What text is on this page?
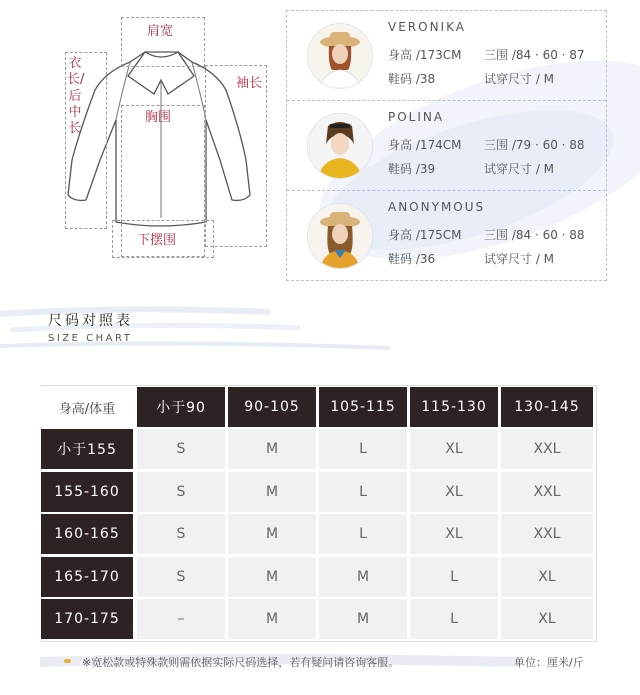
肩宽
衣长/后中长
袖长
胸围
下摆围
VERONIKA
身高 /173CM 三围 /84 · 60 · 87
鞋码 /38	试穿尺寸 / M
POLINA
身高 /174CM 三围 /79 · 60 · 88
鞋码 /39	试穿尺寸 / M
ANONYMOUS
身高 /175CM 三围 /84 · 60 · 88
鞋码 /36	试穿尺寸 / M
尺码对照表
SIZE CHART
身高/体重	小于90	90-105	105-115	115-130	130-145
小于155	S	M	L	XL	XXL
155-160	S	M	L	XL	XXL
160-165	S	M	L	XL	XXL
165-170	S	M	M	L	XL
170-175	–	M	M	L	XL
※宽松款或特殊款则需依据实际尺码选择，若有疑问请咨询客服。	单位：厘米/斤
